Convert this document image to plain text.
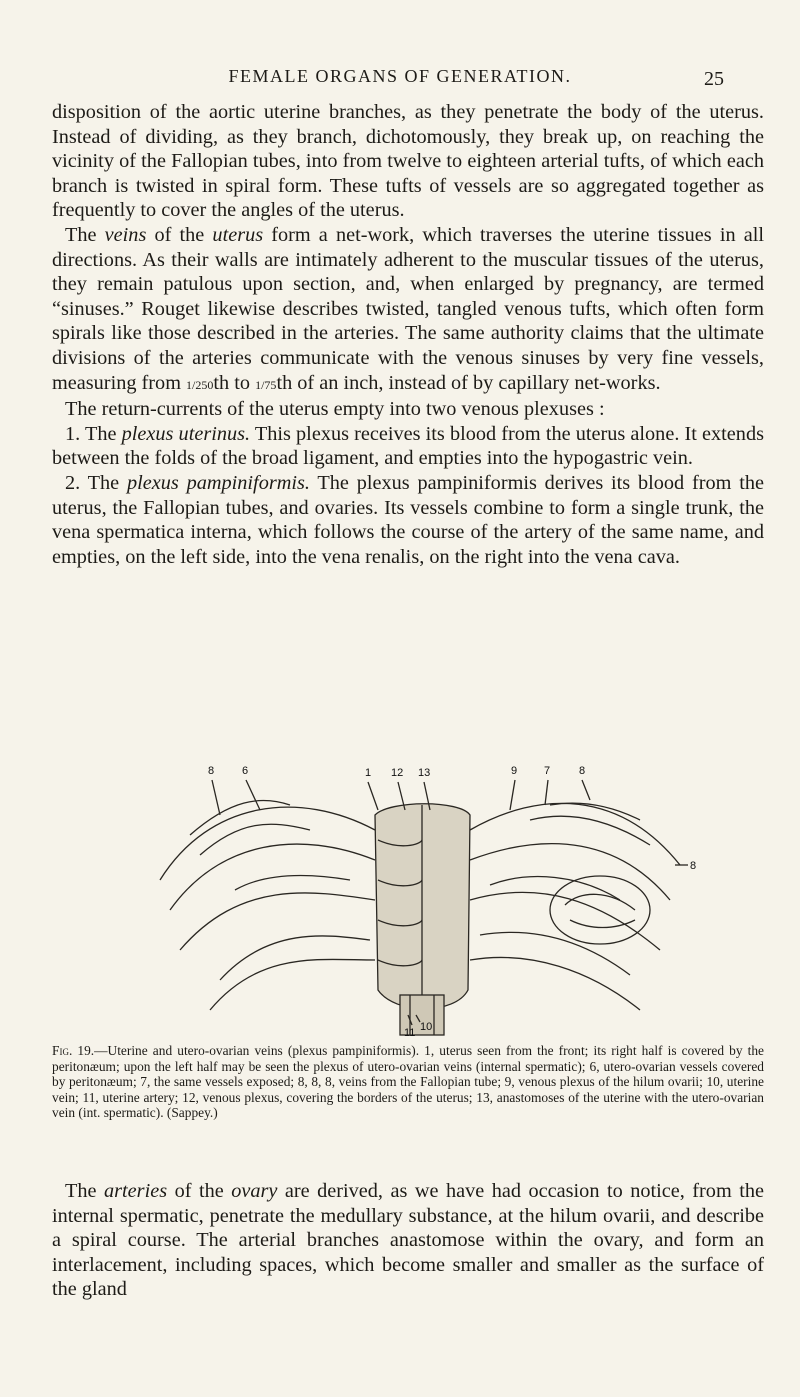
FEMALE ORGANS OF GENERATION.	25

disposition of the aortic uterine branches, as they penetrate the body of the uterus. Instead of dividing, as they branch, dichotomously, they break up, on reaching the vicinity of the Fallopian tubes, into from twelve to eighteen arterial tufts, of which each branch is twisted in spiral form. These tufts of vessels are so aggregated together as frequently to cover the angles of the uterus.

The veins of the uterus form a net-work, which traverses the uterine tissues in all directions. As their walls are intimately adherent to the muscular tissues of the uterus, they remain patulous upon section, and, when enlarged by pregnancy, are termed “sinuses.” Rouget likewise describes twisted, tangled venous tufts, which often form spirals like those described in the arteries. The same authority claims that the ultimate divisions of the arteries communicate with the venous sinuses by very fine vessels, measuring from 1/250th to 1/75th of an inch, instead of by capillary net-works.

The return-currents of the uterus empty into two venous plexuses :

1. The plexus uterinus. This plexus receives its blood from the uterus alone. It extends between the folds of the broad ligament, and empties into the hypogastric vein.

2. The plexus pampiniformis. The plexus pampiniformis derives its blood from the uterus, the Fallopian tubes, and ovaries. Its vessels combine to form a single trunk, the vena spermatica interna, which follows the course of the artery of the same name, and empties, on the left side, into the vena renalis, on the right into the vena cava.

8	6	1 12 13	9 7	8
8
11 10

Fig. 19.—Uterine and utero-ovarian veins (plexus pampiniformis). 1, uterus seen from the front; its right half is covered by the peritonæum; upon the left half may be seen the plexus of utero-ovarian veins (internal spermatic); 6, utero-ovarian vessels covered by peritonæum; 7, the same vessels exposed; 8, 8, 8, veins from the Fallopian tube; 9, venous plexus of the hilum ovarii; 10, uterine vein; 11, uterine artery; 12, venous plexus, covering the borders of the uterus; 13, anastomoses of the uterine with the utero-ovarian vein (int. spermatic). (Sappey.)

The arteries of the ovary are derived, as we have had occasion to notice, from the internal spermatic, penetrate the medullary substance, at the hilum ovarii, and describe a spiral course. The arterial branches anastomose within the ovary, and form an interlacement, including spaces, which become smaller and smaller as the surface of the gland
